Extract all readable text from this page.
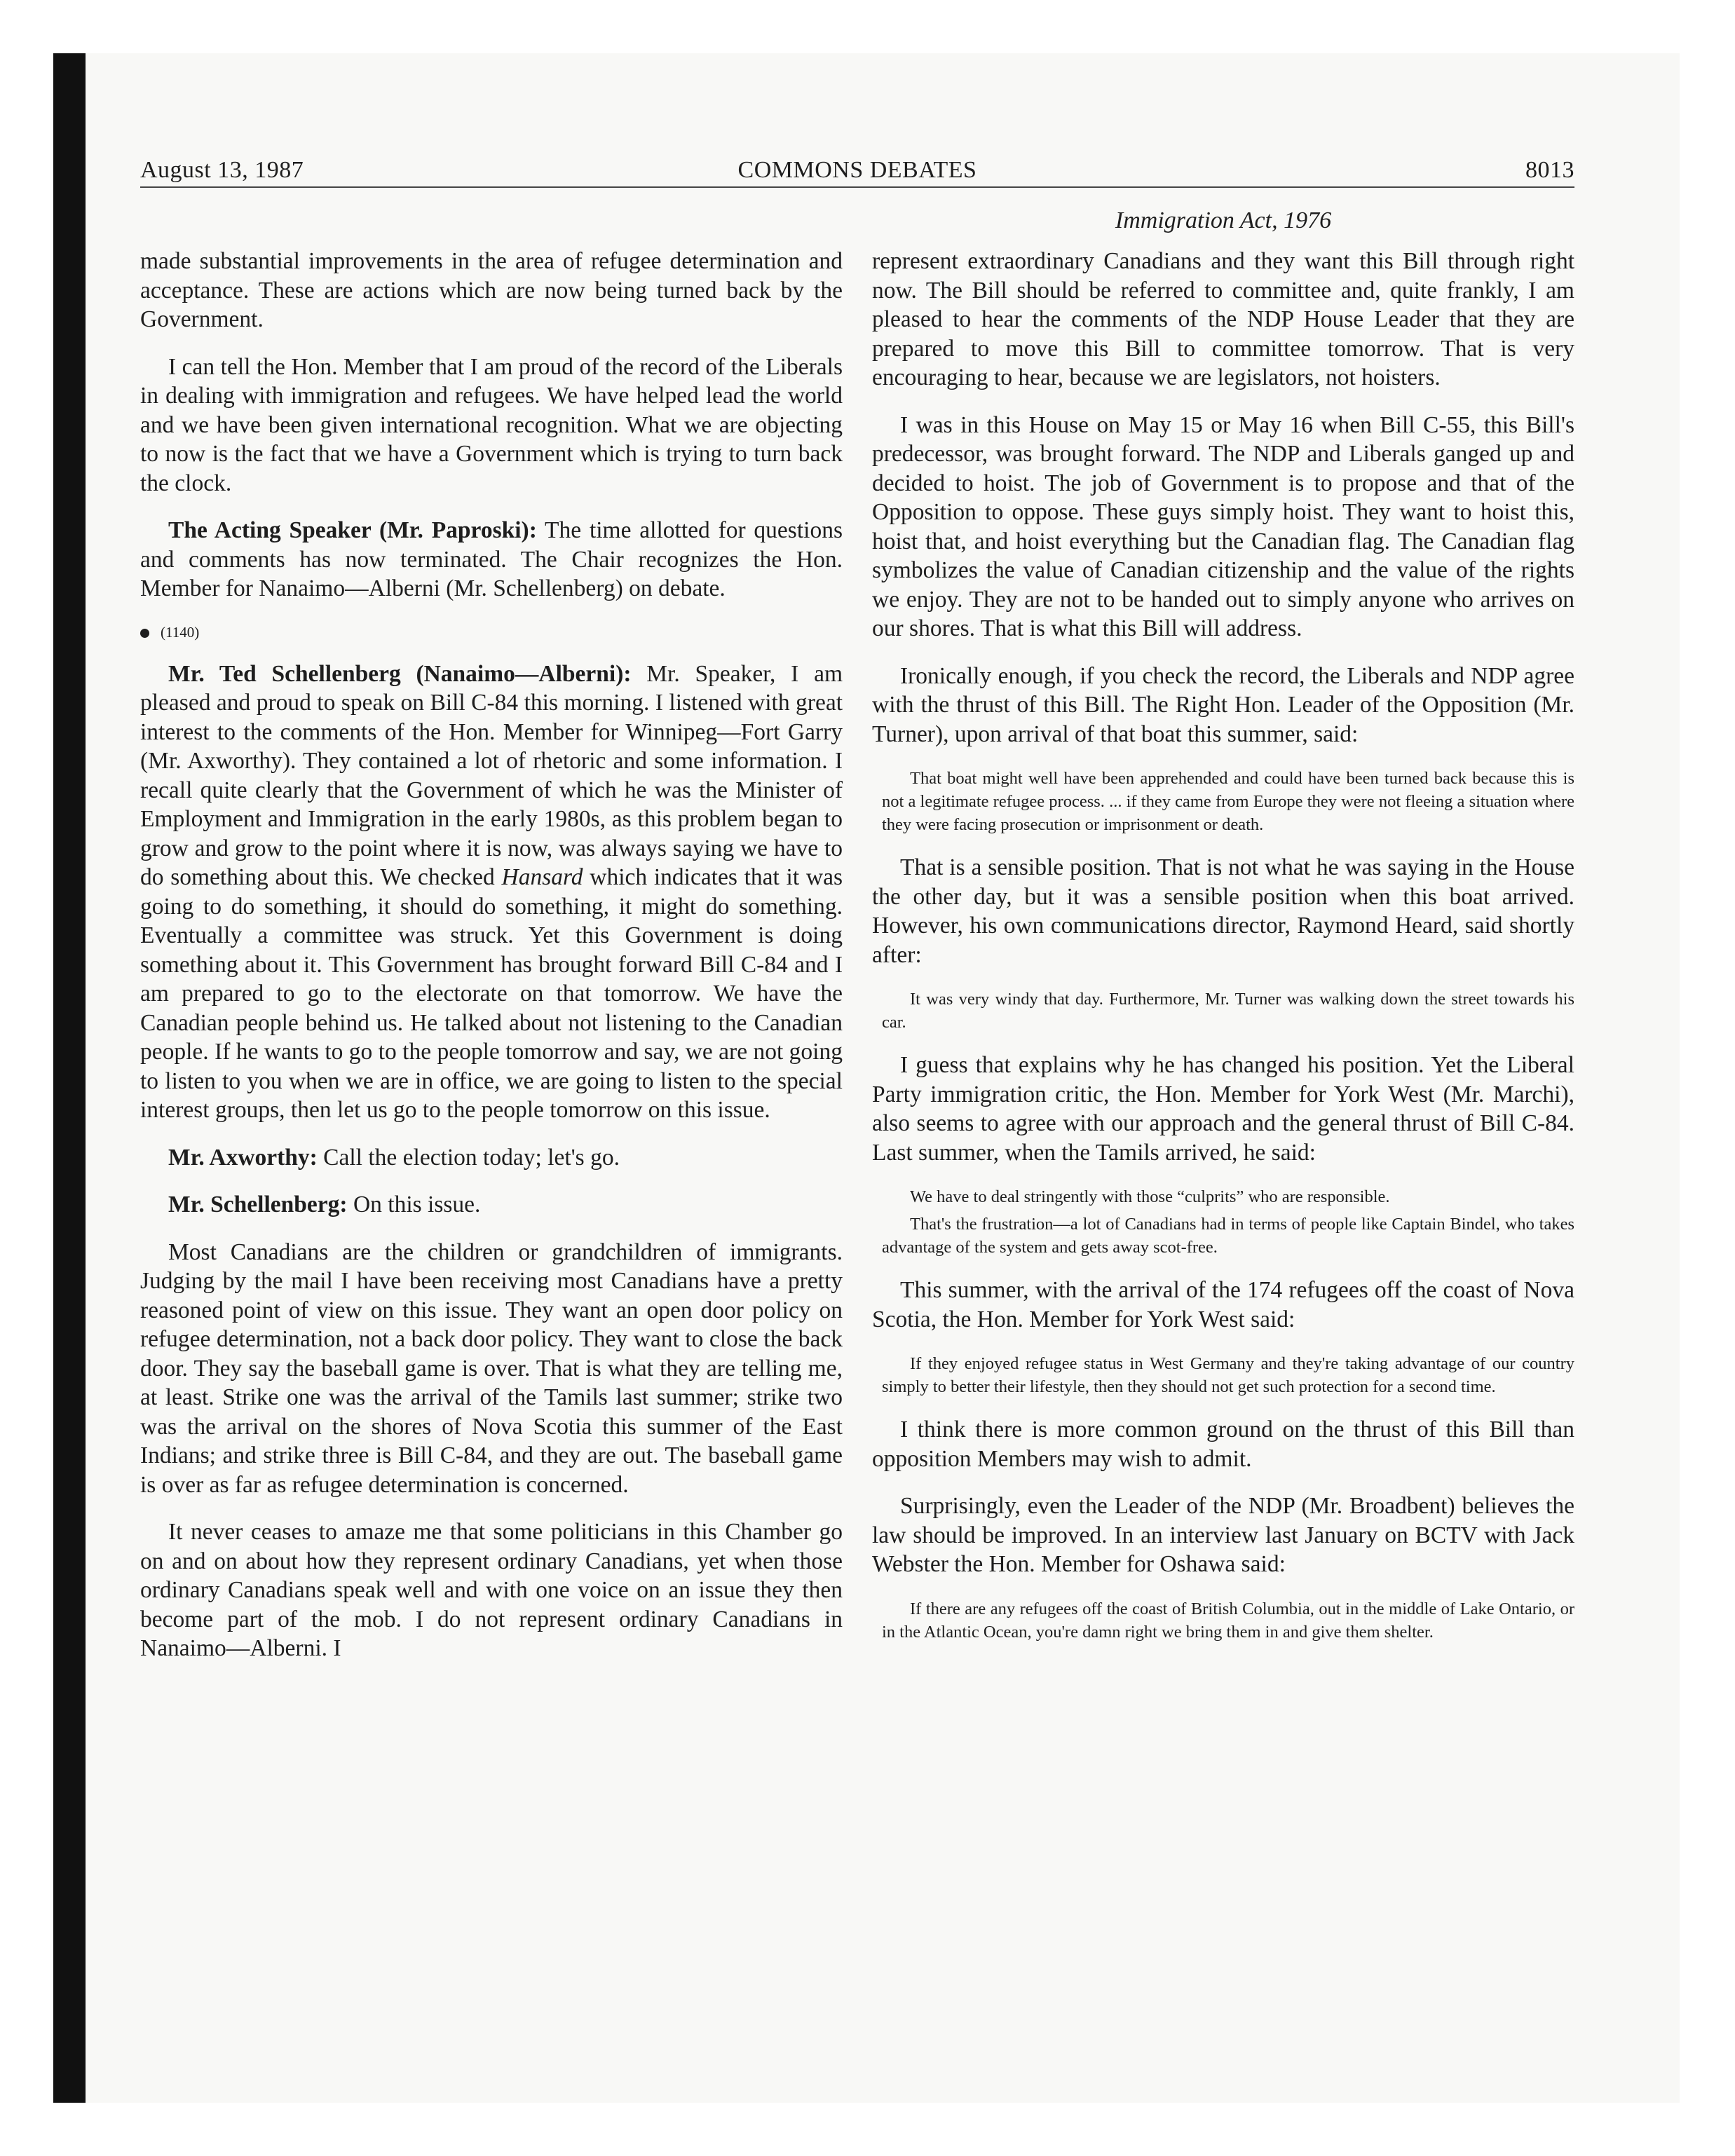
August 13, 1987	COMMONS DEBATES	8013
Immigration Act, 1976

made substantial improvements in the area of refugee determination and acceptance. These are actions which are now being turned back by the Government.

I can tell the Hon. Member that I am proud of the record of the Liberals in dealing with immigration and refugees. We have helped lead the world and we have been given international recognition. What we are objecting to now is the fact that we have a Government which is trying to turn back the clock.

The Acting Speaker (Mr. Paproski): The time allotted for questions and comments has now terminated. The Chair recognizes the Hon. Member for Nanaimo—Alberni (Mr. Schellenberg) on debate.

(1140)

Mr. Ted Schellenberg (Nanaimo—Alberni): Mr. Speaker, I am pleased and proud to speak on Bill C-84 this morning. I listened with great interest to the comments of the Hon. Member for Winnipeg—Fort Garry (Mr. Axworthy). They contained a lot of rhetoric and some information. I recall quite clearly that the Government of which he was the Minister of Employment and Immigration in the early 1980s, as this problem began to grow and grow to the point where it is now, was always saying we have to do something about this. We checked Hansard which indicates that it was going to do something, it should do something, it might do something. Eventually a committee was struck. Yet this Government is doing something about it. This Government has brought forward Bill C-84 and I am prepared to go to the electorate on that tomorrow. We have the Canadian people behind us. He talked about not listening to the Canadian people. If he wants to go to the people tomorrow and say, we are not going to listen to you when we are in office, we are going to listen to the special interest groups, then let us go to the people tomorrow on this issue.

Mr. Axworthy: Call the election today; let's go.

Mr. Schellenberg: On this issue.

Most Canadians are the children or grandchildren of immigrants. Judging by the mail I have been receiving most Canadians have a pretty reasoned point of view on this issue. They want an open door policy on refugee determination, not a back door policy. They want to close the back door. They say the baseball game is over. That is what they are telling me, at least. Strike one was the arrival of the Tamils last summer; strike two was the arrival on the shores of Nova Scotia this summer of the East Indians; and strike three is Bill C-84, and they are out. The baseball game is over as far as refugee determination is concerned.

It never ceases to amaze me that some politicians in this Chamber go on and on about how they represent ordinary Canadians, yet when those ordinary Canadians speak well and with one voice on an issue they then become part of the mob. I do not represent ordinary Canadians in Nanaimo—Alberni. I

represent extraordinary Canadians and they want this Bill through right now. The Bill should be referred to committee and, quite frankly, I am pleased to hear the comments of the NDP House Leader that they are prepared to move this Bill to committee tomorrow. That is very encouraging to hear, because we are legislators, not hoisters.

I was in this House on May 15 or May 16 when Bill C-55, this Bill's predecessor, was brought forward. The NDP and Liberals ganged up and decided to hoist. The job of Government is to propose and that of the Opposition to oppose. These guys simply hoist. They want to hoist this, hoist that, and hoist everything but the Canadian flag. The Canadian flag symbolizes the value of Canadian citizenship and the value of the rights we enjoy. They are not to be handed out to simply anyone who arrives on our shores. That is what this Bill will address.

Ironically enough, if you check the record, the Liberals and NDP agree with the thrust of this Bill. The Right Hon. Leader of the Opposition (Mr. Turner), upon arrival of that boat this summer, said:

That boat might well have been apprehended and could have been turned back because this is not a legitimate refugee process. ... if they came from Europe they were not fleeing a situation where they were facing prosecution or imprisonment or death.

That is a sensible position. That is not what he was saying in the House the other day, but it was a sensible position when this boat arrived. However, his own communications director, Raymond Heard, said shortly after:

It was very windy that day. Furthermore, Mr. Turner was walking down the street towards his car.

I guess that explains why he has changed his position. Yet the Liberal Party immigration critic, the Hon. Member for York West (Mr. Marchi), also seems to agree with our approach and the general thrust of Bill C-84. Last summer, when the Tamils arrived, he said:

We have to deal stringently with those “culprits” who are responsible.

That's the frustration—a lot of Canadians had in terms of people like Captain Bindel, who takes advantage of the system and gets away scot-free.

This summer, with the arrival of the 174 refugees off the coast of Nova Scotia, the Hon. Member for York West said:

If they enjoyed refugee status in West Germany and they're taking advantage of our country simply to better their lifestyle, then they should not get such protection for a second time.

I think there is more common ground on the thrust of this Bill than opposition Members may wish to admit.

Surprisingly, even the Leader of the NDP (Mr. Broadbent) believes the law should be improved. In an interview last January on BCTV with Jack Webster the Hon. Member for Oshawa said:

If there are any refugees off the coast of British Columbia, out in the middle of Lake Ontario, or in the Atlantic Ocean, you're damn right we bring them in and give them shelter.
